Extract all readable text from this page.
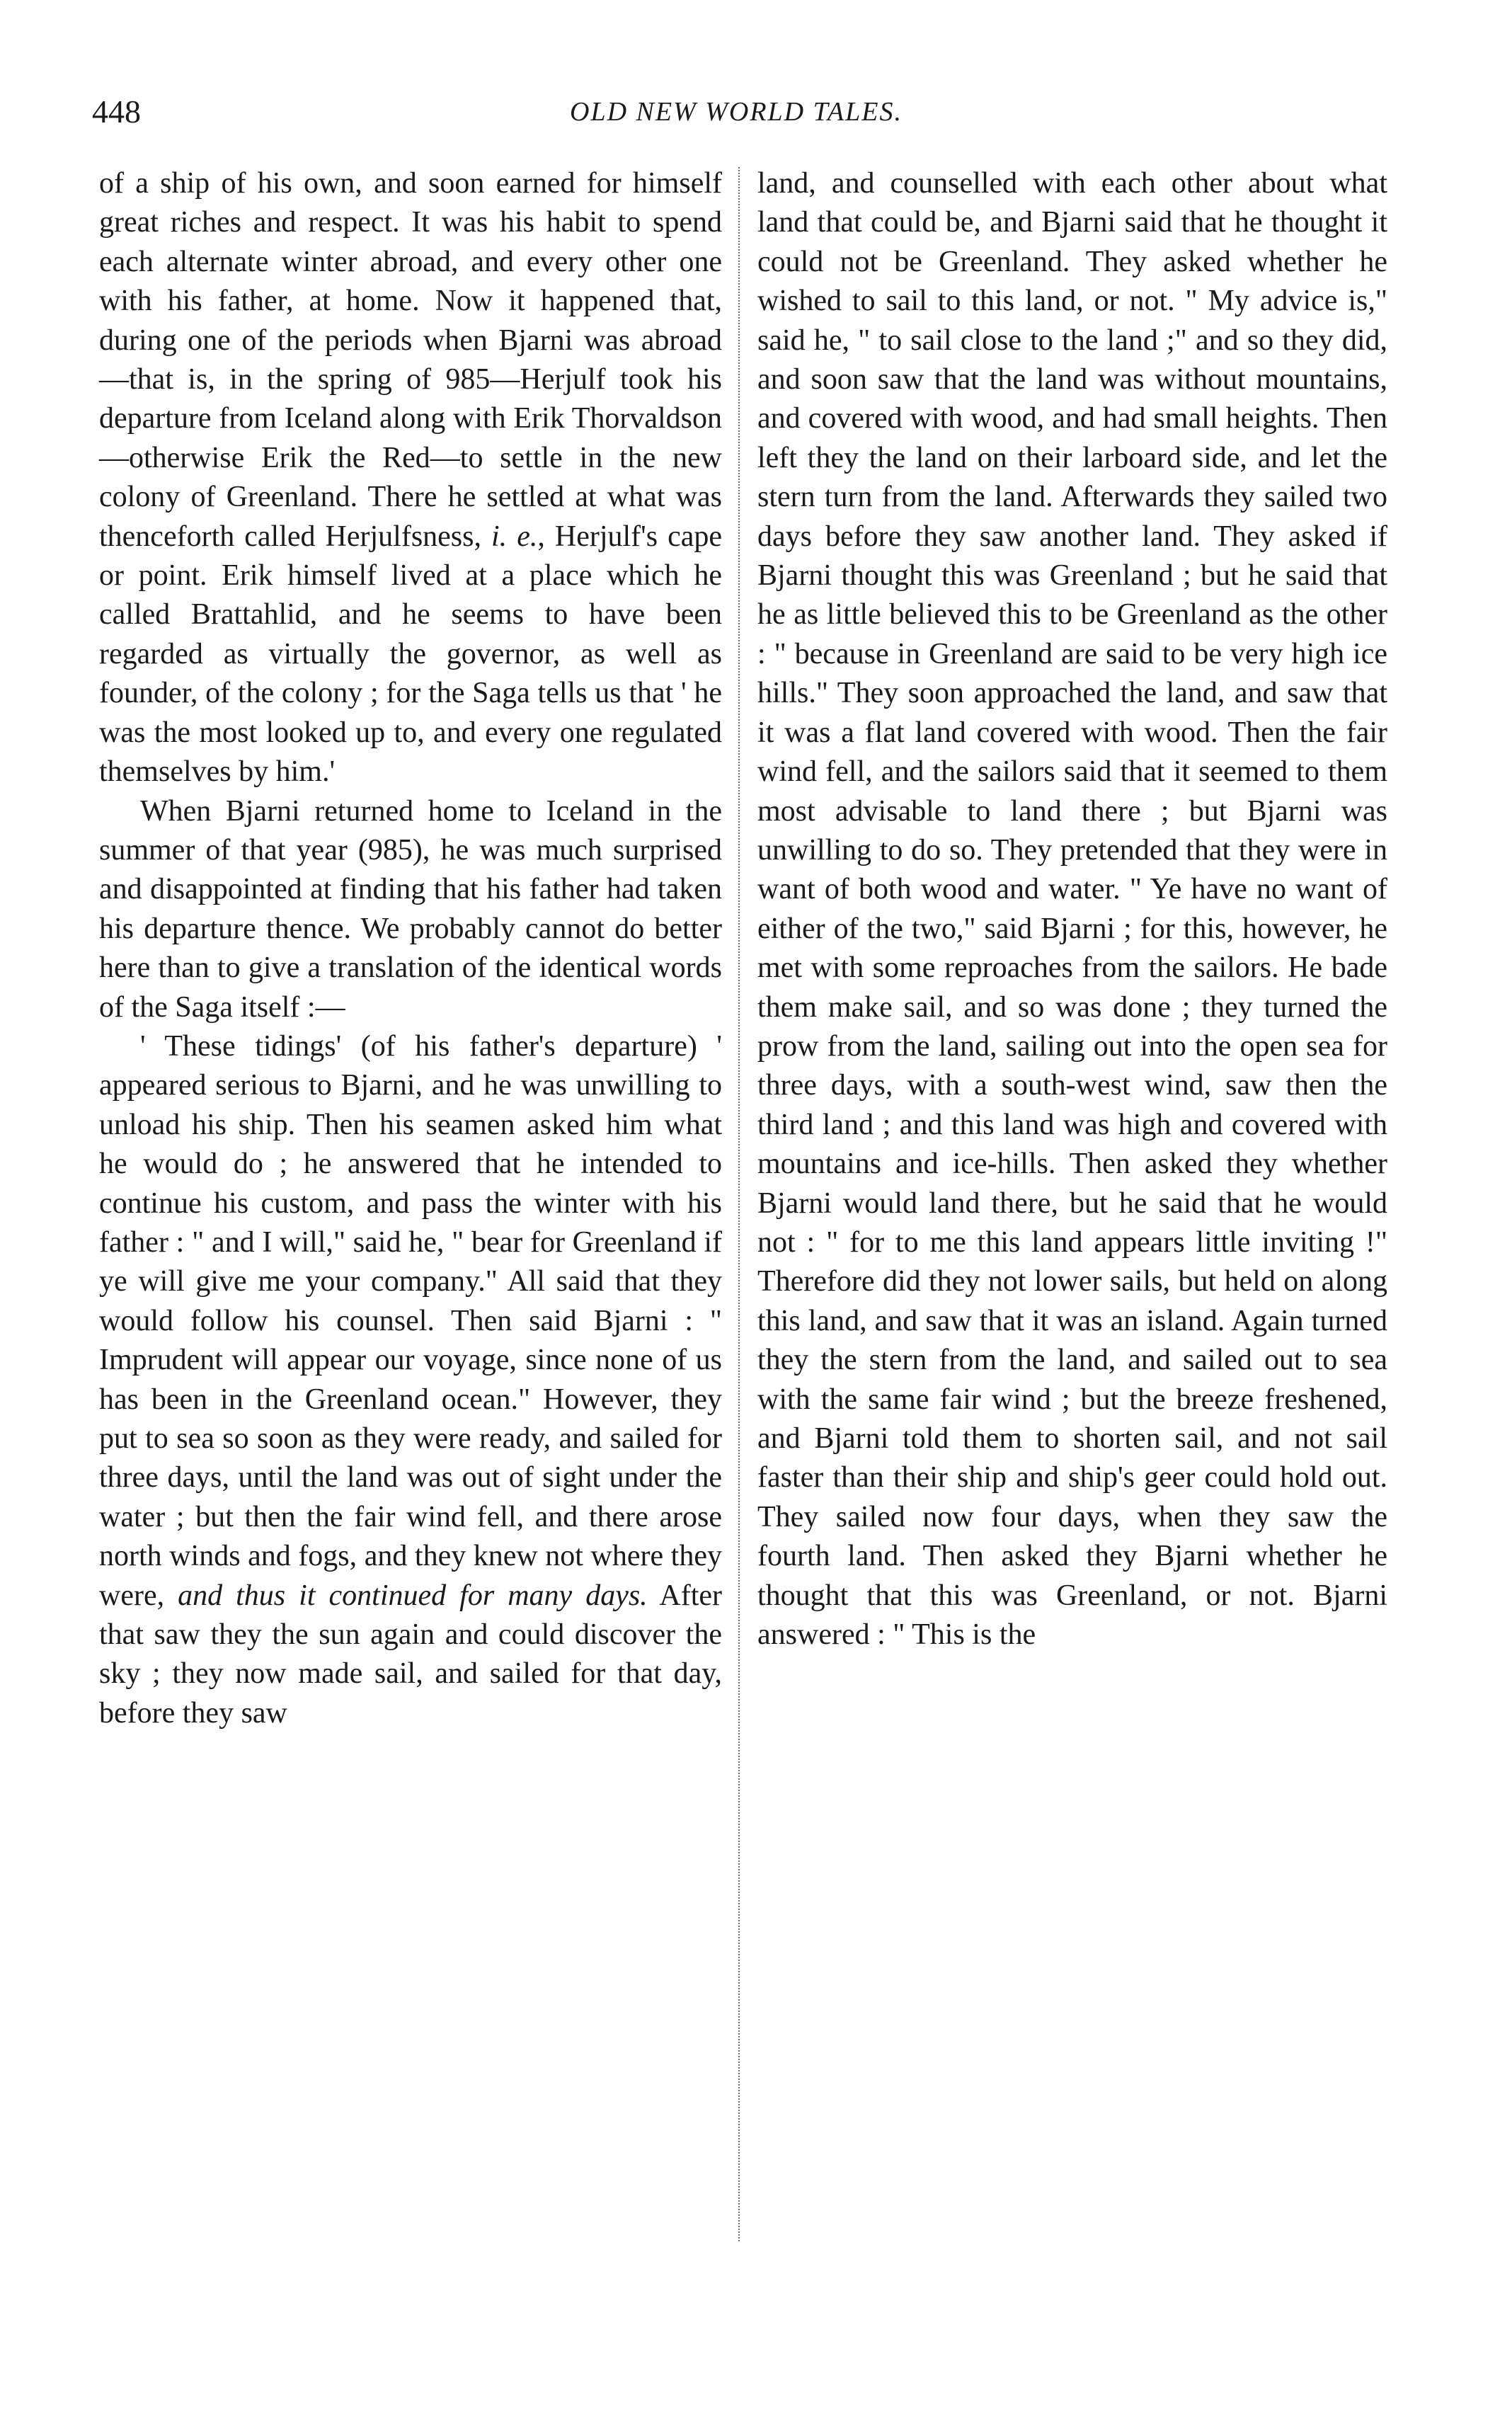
448	OLD NEW WORLD TALES.

of a ship of his own, and soon earned for himself great riches and respect. It was his habit to spend each alternate winter abroad, and every other one with his father, at home. Now it happened that, during one of the periods when Bjarni was abroad—that is, in the spring of 985—Herjulf took his departure from Iceland along with Erik Thorvaldson—otherwise Erik the Red—to settle in the new colony of Greenland. There he settled at what was thenceforth called Herjulfsness, i. e., Herjulf's cape or point. Erik himself lived at a place which he called Brattahlid, and he seems to have been regarded as virtually the governor, as well as founder, of the colony ; for the Saga tells us that ' he was the most looked up to, and every one regulated themselves by him.'

When Bjarni returned home to Iceland in the summer of that year (985), he was much surprised and disappointed at finding that his father had taken his departure thence. We probably cannot do better here than to give a translation of the identical words of the Saga itself :—

' These tidings' (of his father's departure) ' appeared serious to Bjarni, and he was unwilling to unload his ship. Then his seamen asked him what he would do ; he answered that he intended to continue his custom, and pass the winter with his father : " and I will," said he, " bear for Greenland if ye will give me your company." All said that they would follow his counsel. Then said Bjarni : " Imprudent will appear our voyage, since none of us has been in the Greenland ocean." However, they put to sea so soon as they were ready, and sailed for three days, until the land was out of sight under the water ; but then the fair wind fell, and there arose north winds and fogs, and they knew not where they were, and thus it continued for many days. After that saw they the sun again and could discover the sky ; they now made sail, and sailed for that day, before they saw

land, and counselled with each other about what land that could be, and Bjarni said that he thought it could not be Greenland. They asked whether he wished to sail to this land, or not. " My advice is," said he, " to sail close to the land ;" and so they did, and soon saw that the land was without mountains, and covered with wood, and had small heights. Then left they the land on their larboard side, and let the stern turn from the land. Afterwards they sailed two days before they saw another land. They asked if Bjarni thought this was Greenland ; but he said that he as little believed this to be Greenland as the other : " because in Greenland are said to be very high ice hills." They soon approached the land, and saw that it was a flat land covered with wood. Then the fair wind fell, and the sailors said that it seemed to them most advisable to land there ; but Bjarni was unwilling to do so. They pretended that they were in want of both wood and water. " Ye have no want of either of the two," said Bjarni ; for this, however, he met with some reproaches from the sailors. He bade them make sail, and so was done ; they turned the prow from the land, sailing out into the open sea for three days, with a south-west wind, saw then the third land ; and this land was high and covered with mountains and ice-hills. Then asked they whether Bjarni would land there, but he said that he would not : " for to me this land appears little inviting !" Therefore did they not lower sails, but held on along this land, and saw that it was an island. Again turned they the stern from the land, and sailed out to sea with the same fair wind ; but the breeze freshened, and Bjarni told them to shorten sail, and not sail faster than their ship and ship's geer could hold out. They sailed now four days, when they saw the fourth land. Then asked they Bjarni whether he thought that this was Greenland, or not. Bjarni answered : " This is the
